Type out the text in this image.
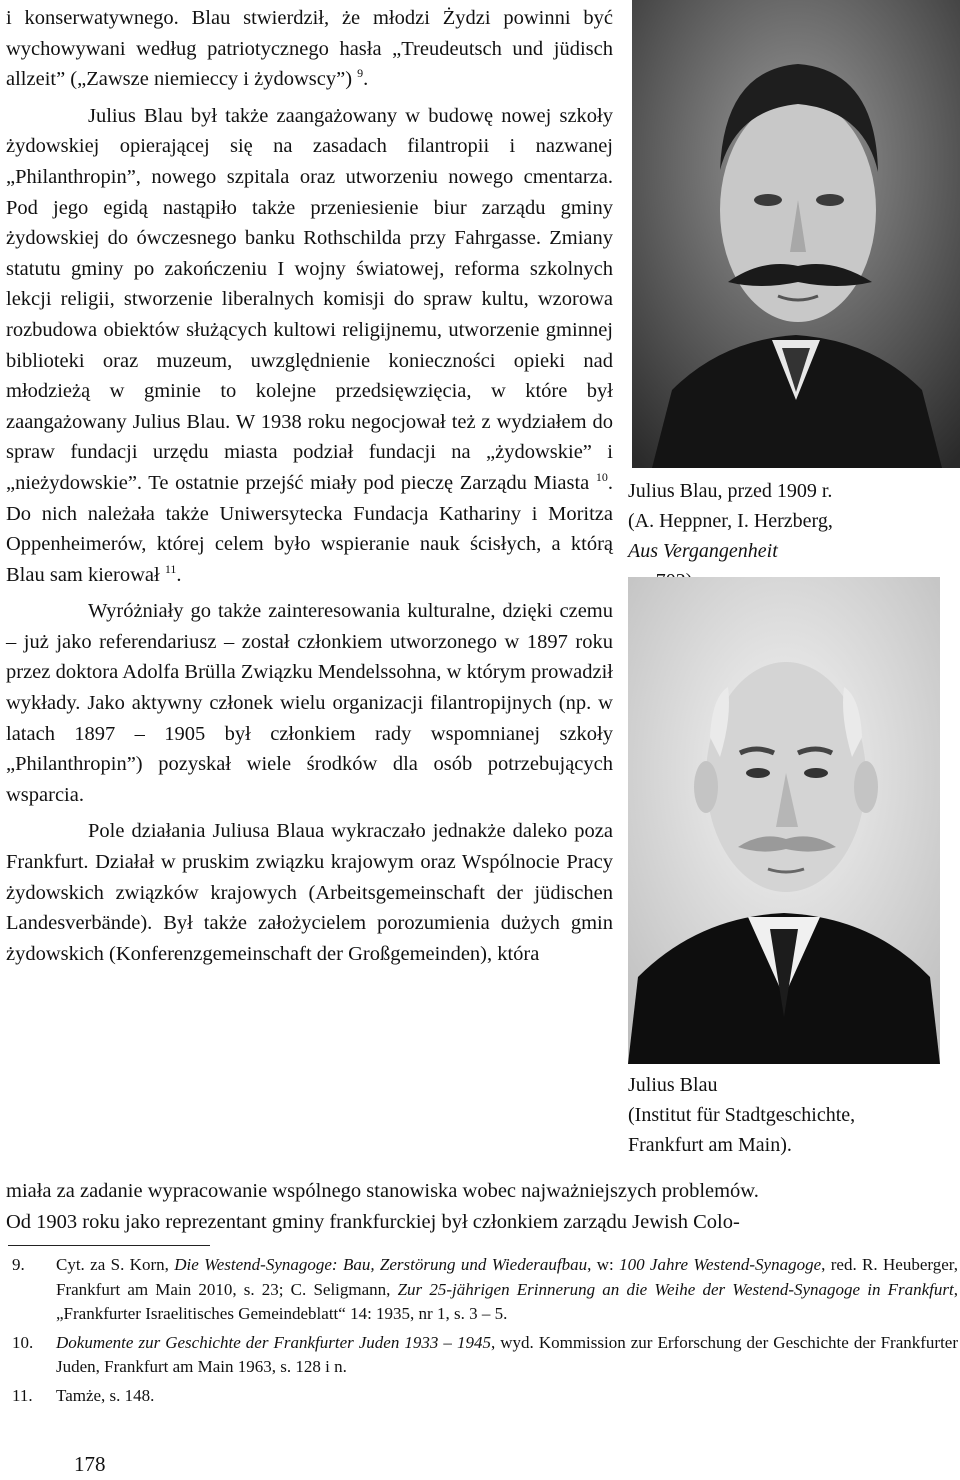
i konserwatywnego. Blau stwierdził, że młodzi Żydzi powinni być wychowywani według patriotycznego hasła „Treudeutsch und jüdisch allzeit” („Zawsze niemieccy i żydowscy”) $^9$.

Julius Blau był także zaangażowany w budowę nowej szkoły żydowskiej opierającej się na zasadach filantropii i nazwanej „Philanthropin”, nowego szpitala oraz utworzeniu nowego cmentarza. Pod jego egidą nastąpiło także przeniesienie biur zarządu gminy żydowskiej do ówczesnego banku Rothschilda przy Fahrgasse. Zmiany statutu gminy po zakończeniu I wojny światowej, reforma szkolnych lekcji religii, stworzenie liberalnych komisji do spraw kultu, wzorowa rozbudowa obiektów służących kultowi religijnemu, utworzenie gminnej biblioteki oraz muzeum, uwzględnienie konieczności opieki nad młodzieżą w gminie to kolejne przedsięwzięcia, w które był zaangażowany Julius Blau. W 1938 roku negocjował też z wydziałem do spraw fundacji urzędu miasta podział fundacji na „żydowskie” i „nieżydowskie”. Te ostatnie przejść miały pod pieczę Zarządu Miasta $^{10}$. Do nich należała także Uniwersytecka Fundacja Kathariny i Moritza Oppenheimerów, której celem było wspieranie nauk ścisłych, a którą Blau sam kierował $^{11}$.

Wyróżniały go także zainteresowania kulturalne, dzięki czemu – już jako referendariusz – został członkiem utworzonego w 1897 roku przez doktora Adolfa Brülla Związku Mendelssohna, w którym prowadził wykłady. Jako aktywny członek wielu organizacji filantropijnych (np. w latach 1897 – 1905 był członkiem rady wspomnianej szkoły „Philanthropin”) pozyskał wiele środków dla osób potrzebujących wsparcia.

Pole działania Juliusa Blaua wykraczało jednakże daleko poza Frankfurt. Działał w pruskim związku krajowym oraz Wspólnocie Pracy żydowskich związków krajowych (Arbeitsgemeinschaft der jüdischen Landesverbände). Był także założycielem porozumienia dużych gmin żydowskich (Konferenzgemeinschaft der Großgemeinden), która

Julius Blau, przed 1909 r.
(A. Heppner, I. Herzberg,
Aus Vergangenheit
Julius Blau
(Institut für Stadtgeschichte,
Frankfurt am Main).
miała za zadanie wypracowanie wspólnego stanowiska wobec najważniejszych problemów.
Od 1903 roku jako reprezentant gminy frankfurckiej był członkiem zarządu Jewish Colo-
9.	Cyt. za S. Korn, Die Westend-Synagoge: Bau, Zerstörung und Wiederaufbau, w: 100 Jahre Westend-Synagoge, red. R. Heuberger, Frankfurt am Main 2010, s. 23; C. Seligmann, Zur 25-jährigen Erinnerung an die Weihe der Westend-Synagoge in Frankfurt, „Frankfurter Israelitisches Gemeindeblatt“ 14: 1935, nr 1, s. 3 – 5.
10.	Dokumente zur Geschichte der Frankfurter Juden 1933 – 1945, wyd. Kommission zur Erforschung der Geschichte der Frankfurter Juden, Frankfurt am Main 1963, s. 128 i n.
11.	Tamże, s. 148.
178
